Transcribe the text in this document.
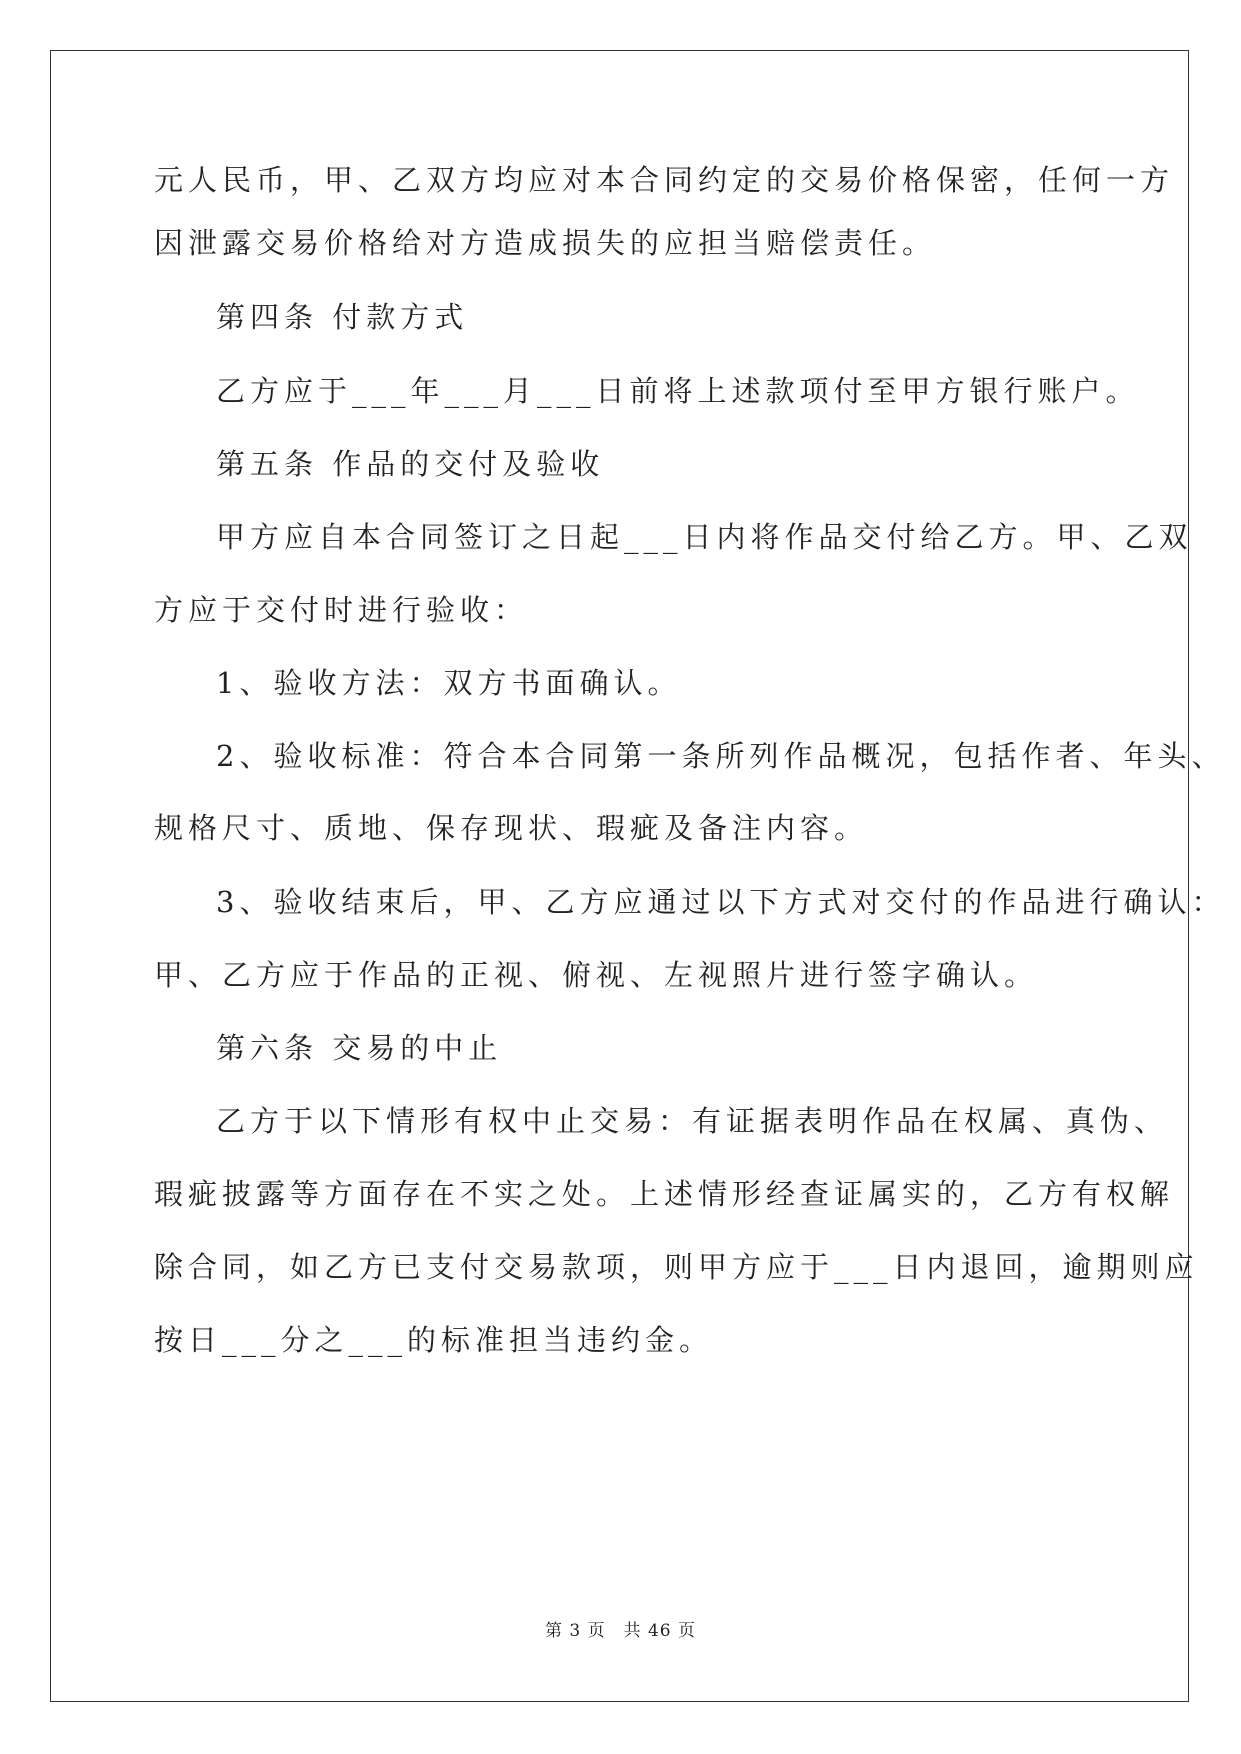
元人民币，甲、乙双方均应对本合同约定的交易价格保密，任何一方
因泄露交易价格给对方造成损失的应担当赔偿责任。
第四条 付款方式
乙方应于___年___月___日前将上述款项付至甲方银行账户。
第五条 作品的交付及验收
甲方应自本合同签订之日起___日内将作品交付给乙方。甲、乙双
方应于交付时进行验收：
1、验收方法：双方书面确认。
2、验收标准：符合本合同第一条所列作品概况，包括作者、年头、
规格尺寸、质地、保存现状、瑕疵及备注内容。
3、验收结束后，甲、乙方应通过以下方式对交付的作品进行确认：
甲、乙方应于作品的正视、俯视、左视照片进行签字确认。
第六条 交易的中止
乙方于以下情形有权中止交易：有证据表明作品在权属、真伪、
瑕疵披露等方面存在不实之处。上述情形经查证属实的，乙方有权解
除合同，如乙方已支付交易款项，则甲方应于___日内退回，逾期则应
按日___分之___的标准担当违约金。
第 3 页　共 46 页
